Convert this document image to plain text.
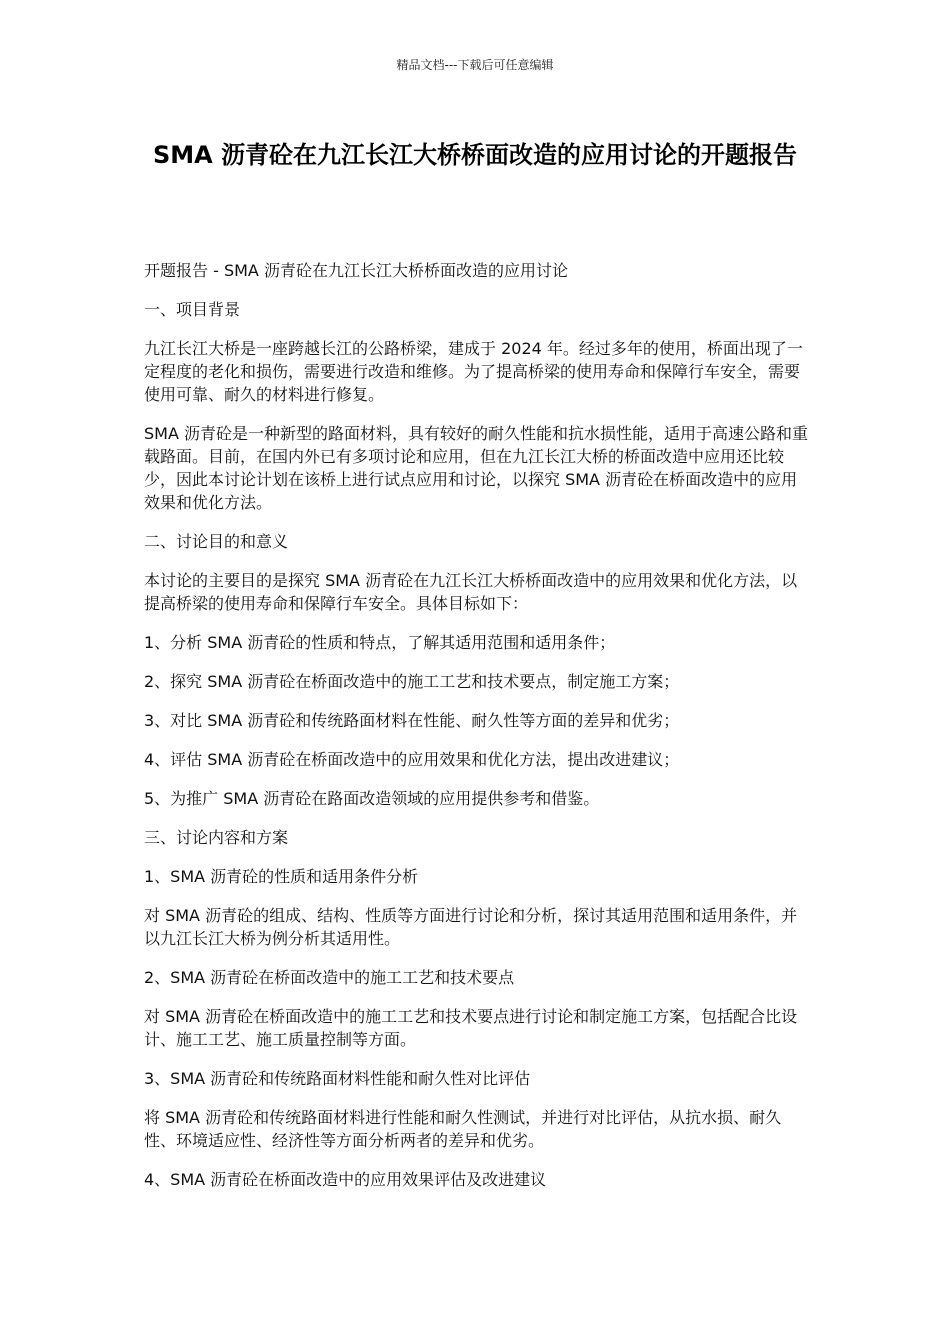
精品文档---下载后可任意编辑
SMA 沥青砼在九江长江大桥桥面改造的应用讨论的开题报告

开题报告 - SMA 沥青砼在九江长江大桥桥面改造的应用讨论

一、项目背景

九江长江大桥是一座跨越长江的公路桥梁，建成于 2024 年。经过多年的使用，桥面出现了一定程度的老化和损伤，需要进行改造和维修。为了提高桥梁的使用寿命和保障行车安全，需要使用可靠、耐久的材料进行修复。

SMA 沥青砼是一种新型的路面材料，具有较好的耐久性能和抗水损性能，适用于高速公路和重载路面。目前，在国内外已有多项讨论和应用，但在九江长江大桥的桥面改造中应用还比较少，因此本讨论计划在该桥上进行试点应用和讨论，以探究 SMA 沥青砼在桥面改造中的应用效果和优化方法。

二、讨论目的和意义

本讨论的主要目的是探究 SMA 沥青砼在九江长江大桥桥面改造中的应用效果和优化方法，以提高桥梁的使用寿命和保障行车安全。具体目标如下：

1、分析 SMA 沥青砼的性质和特点，了解其适用范围和适用条件；

2、探究 SMA 沥青砼在桥面改造中的施工工艺和技术要点，制定施工方案；

3、对比 SMA 沥青砼和传统路面材料在性能、耐久性等方面的差异和优劣；

4、评估 SMA 沥青砼在桥面改造中的应用效果和优化方法，提出改进建议；

5、为推广 SMA 沥青砼在路面改造领域的应用提供参考和借鉴。

三、讨论内容和方案

1、SMA 沥青砼的性质和适用条件分析

对 SMA 沥青砼的组成、结构、性质等方面进行讨论和分析，探讨其适用范围和适用条件，并以九江长江大桥为例分析其适用性。

2、SMA 沥青砼在桥面改造中的施工工艺和技术要点

对 SMA 沥青砼在桥面改造中的施工工艺和技术要点进行讨论和制定施工方案，包括配合比设计、施工工艺、施工质量控制等方面。

3、SMA 沥青砼和传统路面材料性能和耐久性对比评估

将 SMA 沥青砼和传统路面材料进行性能和耐久性测试，并进行对比评估，从抗水损、耐久性、环境适应性、经济性等方面分析两者的差异和优劣。

4、SMA 沥青砼在桥面改造中的应用效果评估及改进建议
